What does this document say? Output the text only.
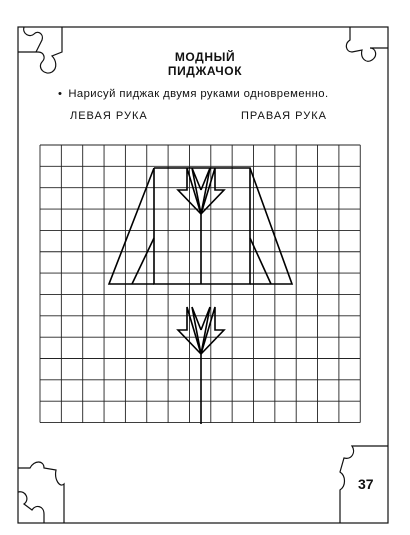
МОДНЫЙ
ПИДЖАЧОК
• Нарисуй пиджак двумя руками одновременно.
ЛЕВАЯ РУКА	ПРАВАЯ РУКА
37
